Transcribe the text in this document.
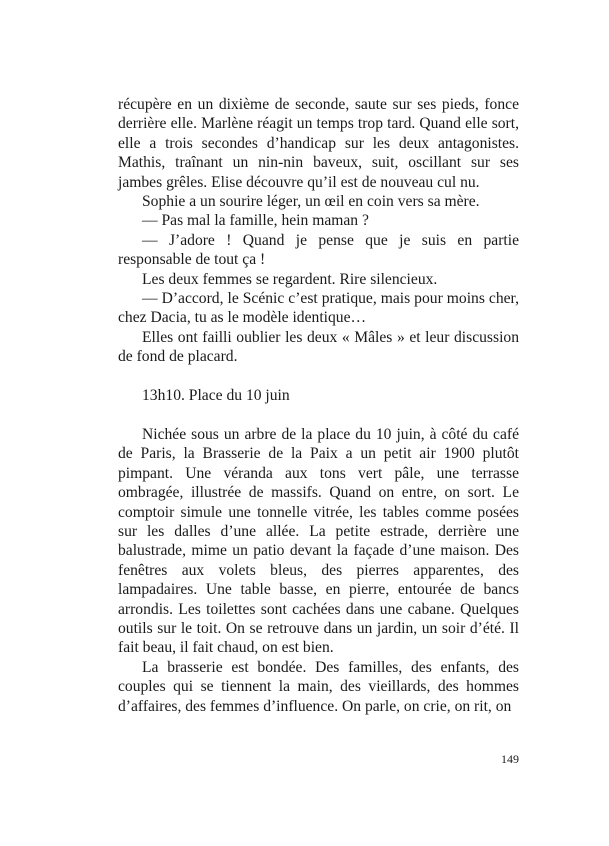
récupère en un dixième de seconde, saute sur ses pieds, fonce derrière elle. Marlène réagit un temps trop tard. Quand elle sort, elle a trois secondes d’handicap sur les deux antagonistes. Mathis, traînant un nin-nin baveux, suit, oscillant sur ses jambes grêles. Elise découvre qu’il est de nouveau cul nu.

Sophie a un sourire léger, un œil en coin vers sa mère.

— Pas mal la famille, hein maman ?

— J’adore ! Quand je pense que je suis en partie responsable de tout ça !

Les deux femmes se regardent. Rire silencieux.

— D’accord, le Scénic c’est pratique, mais pour moins cher, chez Dacia, tu as le modèle identique…

Elles ont failli oublier les deux « Mâles » et leur discussion de fond de placard.

13h10. Place du 10 juin

Nichée sous un arbre de la place du 10 juin, à côté du café de Paris, la Brasserie de la Paix a un petit air 1900 plutôt pimpant. Une véranda aux tons vert pâle, une terrasse ombragée, illustrée de massifs. Quand on entre, on sort. Le comptoir simule une tonnelle vitrée, les tables comme posées sur les dalles d’une allée. La petite estrade, derrière une balustrade, mime un patio devant la façade d’une maison. Des fenêtres aux volets bleus, des pierres apparentes, des lampadaires. Une table basse, en pierre, entourée de bancs arrondis. Les toilettes sont cachées dans une cabane. Quelques outils sur le toit. On se retrouve dans un jardin, un soir d’été. Il fait beau, il fait chaud, on est bien.

La brasserie est bondée. Des familles, des enfants, des couples qui se tiennent la main, des vieillards, des hommes d’affaires, des femmes d’influence. On parle, on crie, on rit, on

149
